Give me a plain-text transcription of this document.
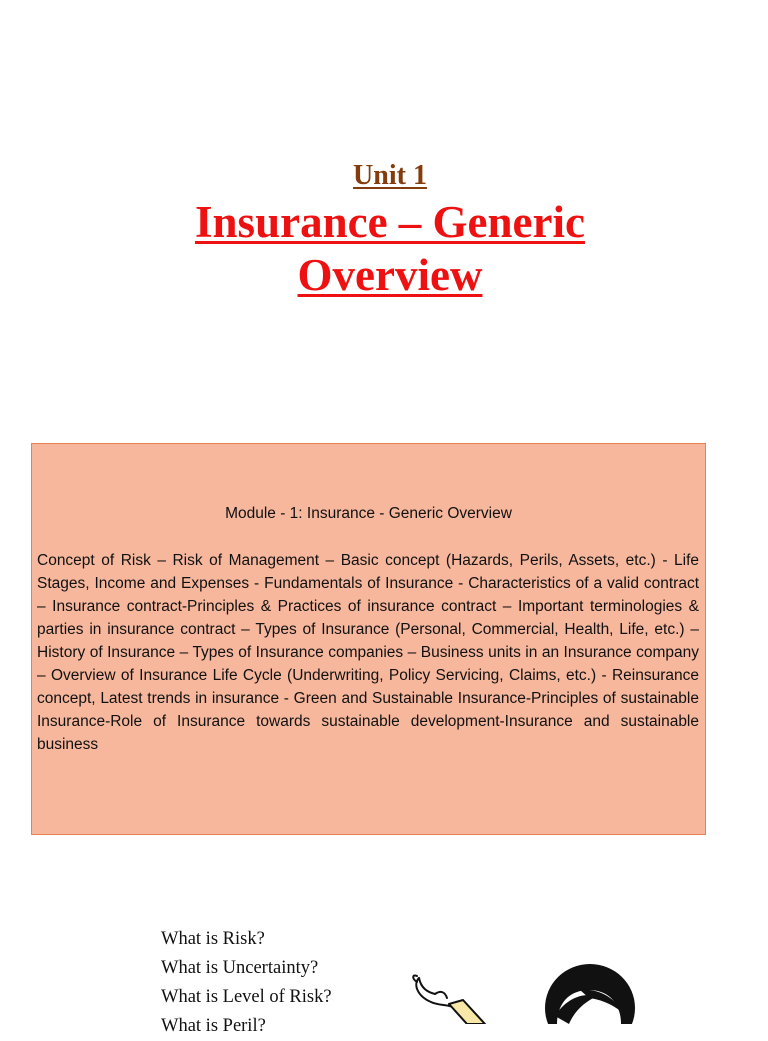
Unit 1
Insurance – Generic
Overview
Module - 1: Insurance - Generic Overview
Concept of Risk – Risk of Management – Basic concept (Hazards, Perils, Assets, etc.) - Life Stages, Income and Expenses - Fundamentals of Insurance - Characteristics of a valid contract – Insurance contract-Principles & Practices of insurance contract – Important terminologies & parties in insurance contract – Types of Insurance (Personal, Commercial, Health, Life, etc.) – History of Insurance – Types of Insurance companies – Business units in an Insurance company – Overview of Insurance Life Cycle (Underwriting, Policy Servicing, Claims, etc.) - Reinsurance concept, Latest trends in insurance - Green and Sustainable Insurance-Principles of sustainable Insurance-Role of Insurance towards sustainable development-Insurance and sustainable business
What is Risk?
What is Uncertainty?
What is Level of Risk?
What is Peril?
